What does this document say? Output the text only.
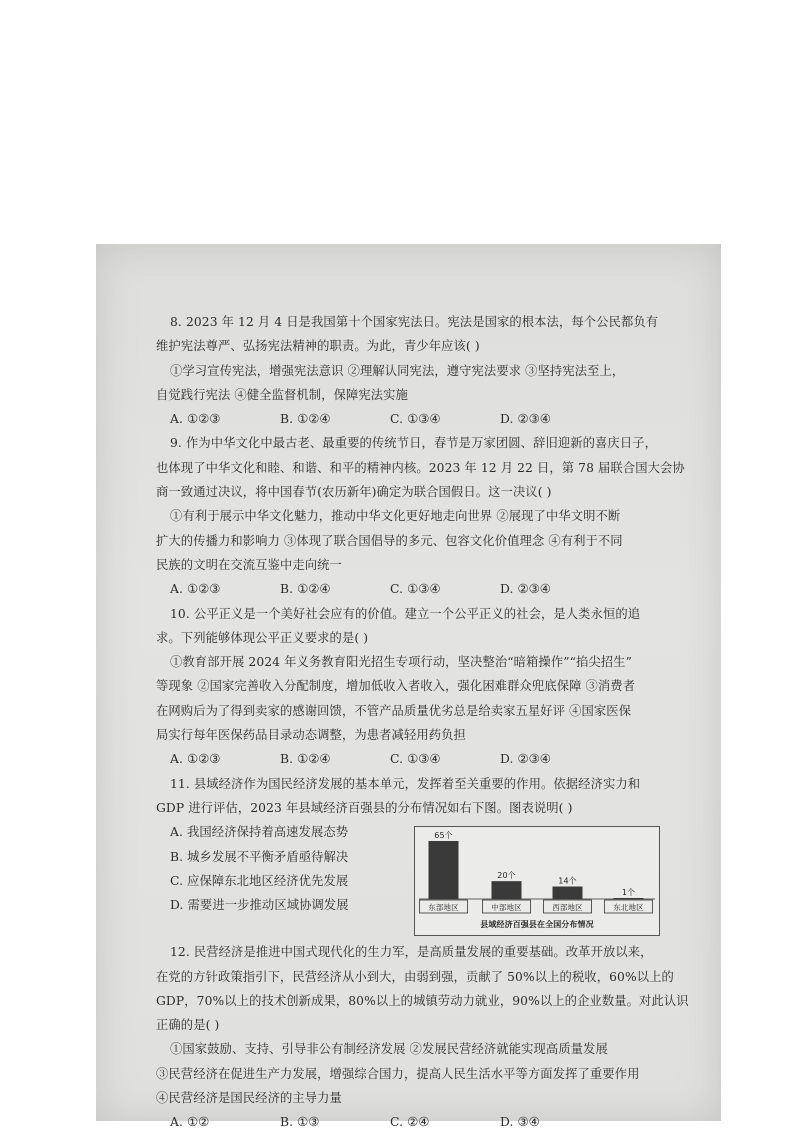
8. 2023 年 12 月 4 日是我国第十个国家宪法日。宪法是国家的根本法，每个公民都负有
维护宪法尊严、弘扬宪法精神的职责。为此，青少年应该( )
①学习宣传宪法，增强宪法意识 ②理解认同宪法，遵守宪法要求 ③坚持宪法至上，
自觉践行宪法 ④健全监督机制，保障宪法实施
A. ①②③	B. ①②④	C. ①③④	D. ②③④
9. 作为中华文化中最古老、最重要的传统节日，春节是万家团圆、辞旧迎新的喜庆日子，
也体现了中华文化和睦、和谐、和平的精神内核。2023 年 12 月 22 日，第 78 届联合国大会协
商一致通过决议，将中国春节(农历新年)确定为联合国假日。这一决议( )
①有利于展示中华文化魅力，推动中华文化更好地走向世界 ②展现了中华文明不断
扩大的传播力和影响力 ③体现了联合国倡导的多元、包容文化价值理念 ④有利于不同
民族的文明在交流互鉴中走向统一
A. ①②③	B. ①②④	C. ①③④	D. ②③④
10. 公平正义是一个美好社会应有的价值。建立一个公平正义的社会，是人类永恒的追
求。下列能够体现公平正义要求的是( )
①教育部开展 2024 年义务教育阳光招生专项行动，坚决整治“暗箱操作”“掐尖招生”
等现象 ②国家完善收入分配制度，增加低收入者收入，强化困难群众兜底保障 ③消费者
在网购后为了得到卖家的感谢回馈，不管产品质量优劣总是给卖家五星好评 ④国家医保
局实行每年医保药品目录动态调整，为患者减轻用药负担
A. ①②③	B. ①②④	C. ①③④	D. ②③④
11. 县域经济作为国民经济发展的基本单元，发挥着至关重要的作用。依据经济实力和
GDP 进行评估，2023 年县域经济百强县的分布情况如右下图。图表说明( )
A. 我国经济保持着高速发展态势
B. 城乡发展不平衡矛盾亟待解决
C. 应保障东北地区经济优先发展
D. 需要进一步推动区域协调发展
65个
东部地区
20个
中部地区
14个
西部地区
1个
东北地区
县域经济百强县在全国分布情况
12. 民营经济是推进中国式现代化的生力军，是高质量发展的重要基础。改革开放以来，
在党的方针政策指引下，民营经济从小到大，由弱到强，贡献了 50%以上的税收，60%以上的
GDP，70%以上的技术创新成果，80%以上的城镇劳动力就业，90%以上的企业数量。对此认识
正确的是( )
①国家鼓励、支持、引导非公有制经济发展 ②发展民营经济就能实现高质量发展
③民营经济在促进生产力发展，增强综合国力，提高人民生活水平等方面发挥了重要作用
④民营经济是国民经济的主导力量
A. ①②	B. ①③	C. ②④	D. ③④
